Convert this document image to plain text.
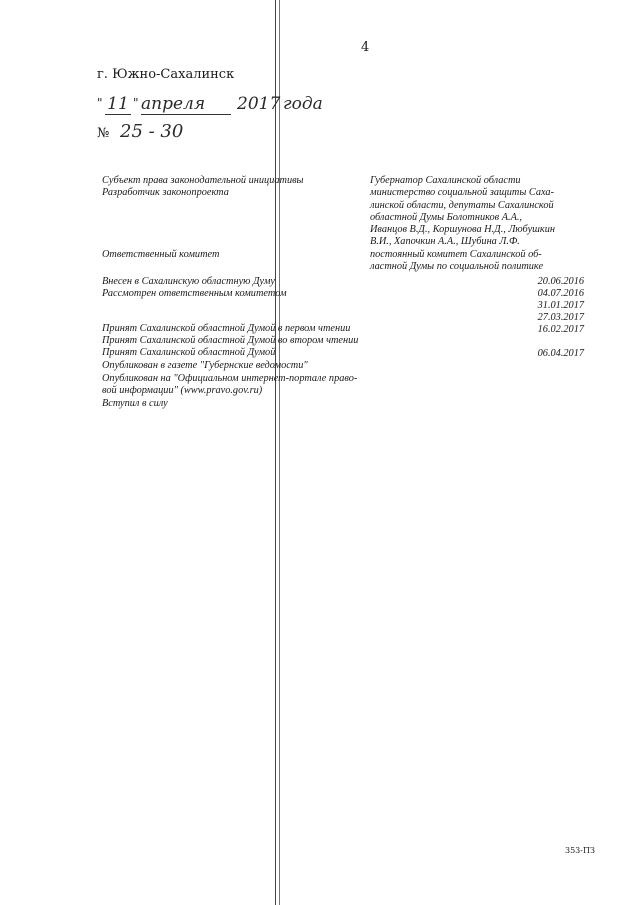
4
г. Южно-Сахалинск
" 11 " апреля	2017 года
№ 25 - 30
Субъект права законодательной инициативы
Разработчик законопроекта
Ответственный комитет
Внесен в Сахалинскую областную Думу
Рассмотрен ответственным комитетом
Принят Сахалинской областной Думой в первом чтении
Принят Сахалинской областной Думой во втором чтении
Принят Сахалинской областной Думой
Опубликован в газете "Губернские ведомости"
Опубликован на "Официальном интернет-портале право-
вой информации" (www.pravo.gov.ru)
Вступил в силу
Губернатор Сахалинской области
министерство социальной защиты Саха-
линской области, депутаты Сахалинской
областной Думы Болотников А.А.,
Иванцов В.Д., Коршунова Н.Д., Любушкин
В.И., Хапочкин А.А., Шубина Л.Ф.
постоянный комитет Сахалинской об-
ластной Думы по социальной политике
20.06.2016
04.07.2016
31.01.2017
27.03.2017
16.02.2017
06.04.2017
353-ПЗ
